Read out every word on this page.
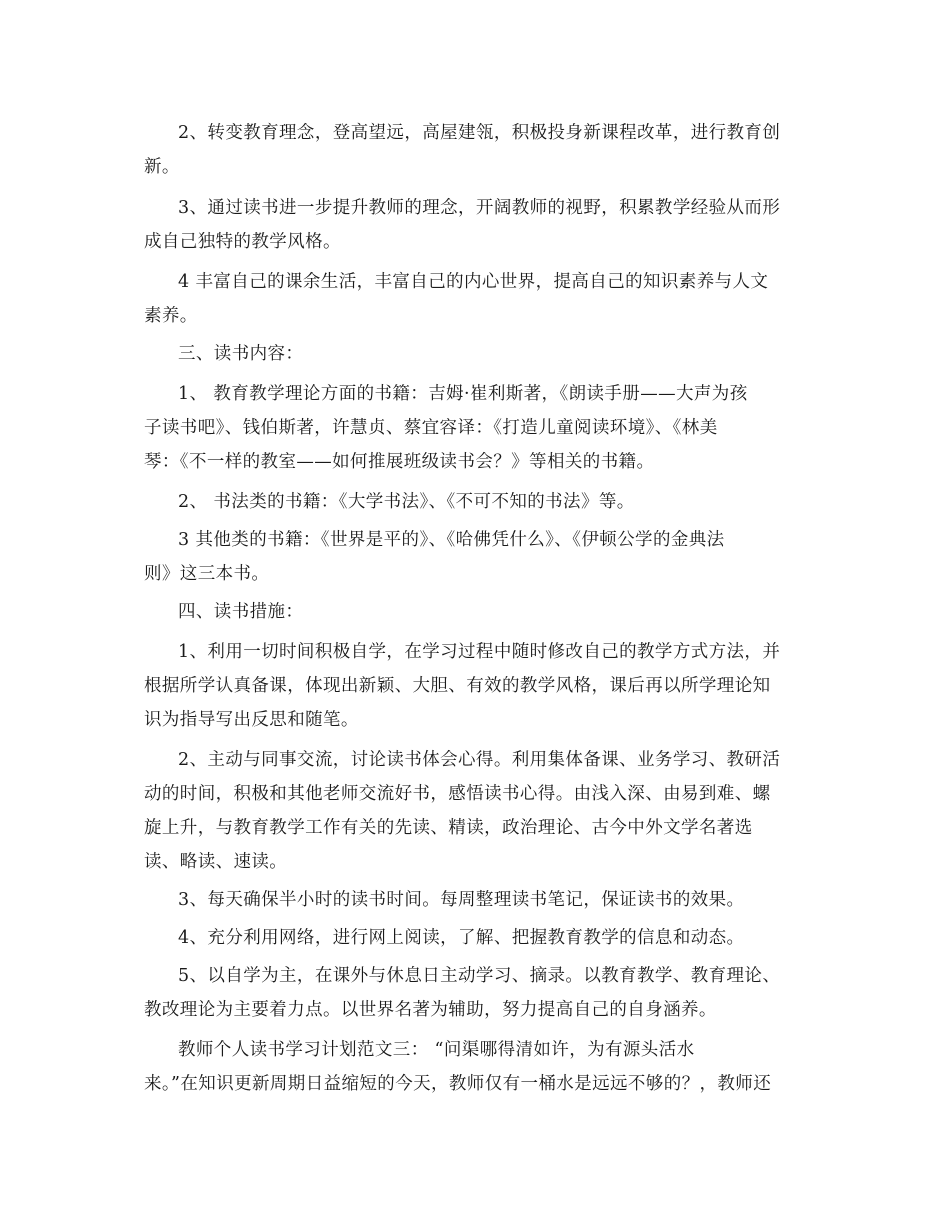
2、转变教育理念，登高望远，高屋建瓴，积极投身新课程改革，进行教育创
新。
3、通过读书进一步提升教师的理念，开阔教师的视野，积累教学经验从而形
成自己独特的教学风格。
4 丰富自己的课余生活，丰富自己的内心世界，提高自己的知识素养与人文
素养。
三、读书内容：
1、 教育教学理论方面的书籍：吉姆·崔利斯著，《朗读手册——大声为孩
子读书吧》、钱伯斯著，许慧贞、蔡宜容译：《打造儿童阅读环境》、《林美
琴：《不一样的教室——如何推展班级读书会？》等相关的书籍。
2、 书法类的书籍：《大学书法》、《不可不知的书法》等。
3 其他类的书籍：《世界是平的》、《哈佛凭什么》、《伊顿公学的金典法
则》这三本书。
四、读书措施：
1、利用一切时间积极自学，在学习过程中随时修改自己的教学方式方法，并
根据所学认真备课，体现出新颖、大胆、有效的教学风格，课后再以所学理论知
识为指导写出反思和随笔。
2、主动与同事交流，讨论读书体会心得。利用集体备课、业务学习、教研活
动的时间，积极和其他老师交流好书，感悟读书心得。由浅入深、由易到难、螺
旋上升，与教育教学工作有关的先读、精读，政治理论、古今中外文学名著选
读、略读、速读。
3、每天确保半小时的读书时间。每周整理读书笔记，保证读书的效果。
4、充分利用网络，进行网上阅读，了解、把握教育教学的信息和动态。
5、以自学为主，在课外与休息日主动学习、摘录。以教育教学、教育理论、
教改理论为主要着力点。以世界名著为辅助，努力提高自己的自身涵养。
教师个人读书学习计划范文三： “问渠哪得清如许，为有源头活水
来。”在知识更新周期日益缩短的今天，教师仅有一桶水是远远不够的？，教师还
